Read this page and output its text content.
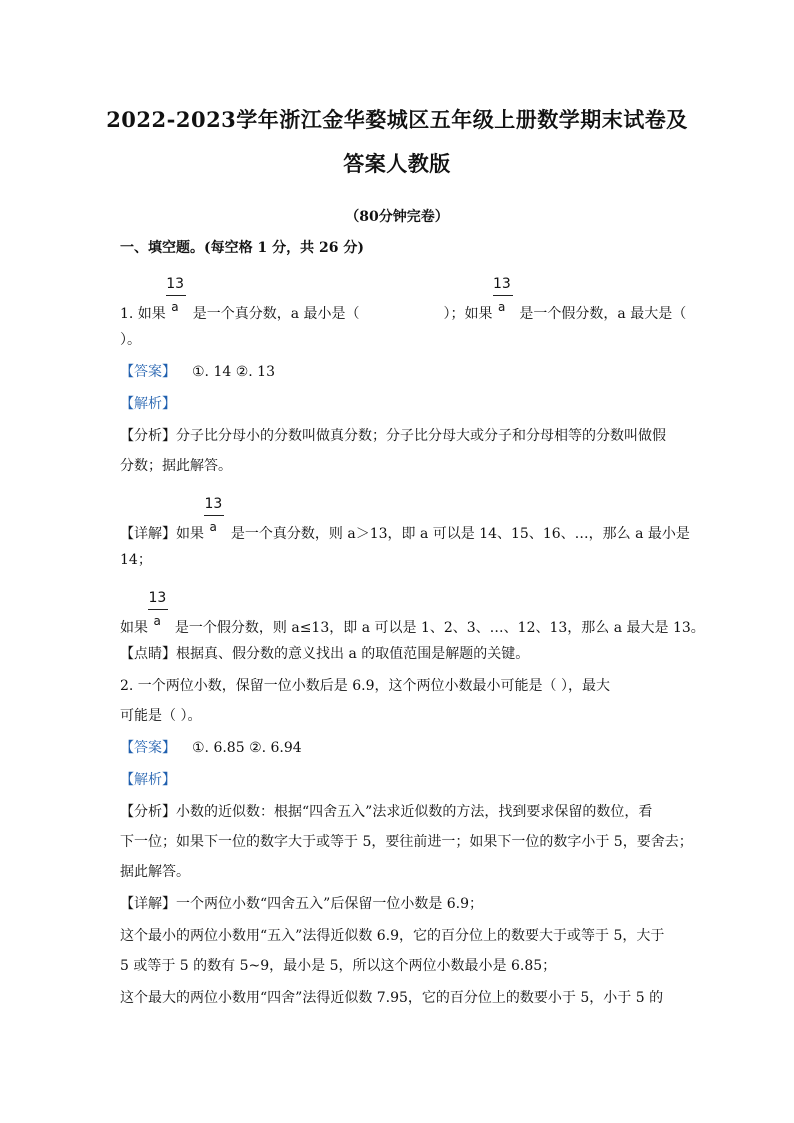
2022-2023学年浙江金华婺城区五年级上册数学期末试卷及
答案人教版
（80分钟完卷）
一、填空题。(每空格 1 分，共 26 分)
1. 如果 $\frac{13}{a}$ 是一个真分数，a 最小是（	）；如果 $\frac{13}{a}$ 是一个假分数，a 最大是（
）。
【答案】 ①. 14 ②. 13
【解析】
【分析】分子比分母小的分数叫做真分数；分子比分母大或分子和分母相等的分数叫做假
分数；据此解答。
【详解】如果 $\frac{13}{a}$ 是一个真分数，则 a＞13，即 a 可以是 14、15、16、…，那么 a 最小是
14；
如果 $\frac{13}{a}$ 是一个假分数，则 a≤13，即 a 可以是 1、2、3、…、12、13，那么 a 最大是 13。
【点睛】根据真、假分数的意义找出 a 的取值范围是解题的关键。
2. 一个两位小数，保留一位小数后是 6.9，这个两位小数最小可能是（ ），最大
可能是（ ）。
【答案】 ①. 6.85 ②. 6.94
【解析】
【分析】小数的近似数：根据“四舍五入”法求近似数的方法，找到要求保留的数位，看
下一位；如果下一位的数字大于或等于 5，要往前进一；如果下一位的数字小于 5，要舍去；
据此解答。
【详解】一个两位小数“四舍五入”后保留一位小数是 6.9；
这个最小的两位小数用“五入”法得近似数 6.9，它的百分位上的数要大于或等于 5，大于
5 或等于 5 的数有 5~9，最小是 5，所以这个两位小数最小是 6.85；
这个最大的两位小数用“四舍”法得近似数 7.95，它的百分位上的数要小于 5，小于 5 的
